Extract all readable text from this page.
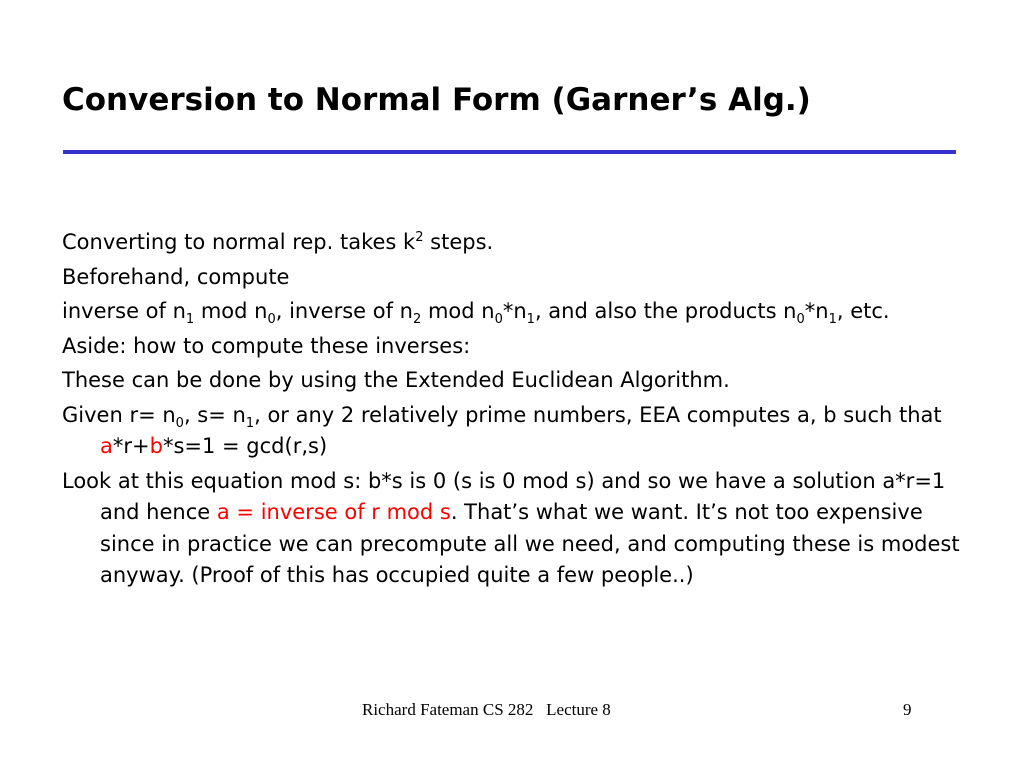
Conversion to Normal Form (Garner’s Alg.)
Converting to normal rep. takes $k^2$ steps.
Beforehand, compute
inverse of $n_1$ mod $n_0$, inverse of $n_2$ mod $n_0*n_1$, and also the products $n_0*n_1$, etc.
Aside: how to compute these inverses:
These can be done by using the Extended Euclidean Algorithm.
Given $r= n_0$, $s= n_1$, or any 2 relatively prime numbers, EEA computes a, b such that a*r+b*s=1 = gcd(r,s)
Look at this equation mod s: b*s is 0 (s is 0 mod s) and so we have a solution a*r=1 and hence a = inverse of r mod s. That’s what we want. It’s not too expensive since in practice we can precompute all we need, and computing these is modest anyway. (Proof of this has occupied quite a few people..)
Richard Fateman CS 282   Lecture 8	9
